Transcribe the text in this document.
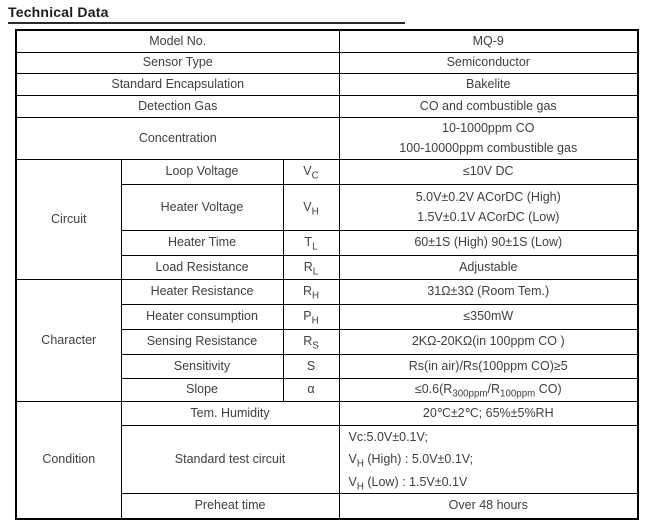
Technical Data
Model No.			MQ-9
Sensor Type			Semiconductor
Standard Encapsulation			Bakelite
Detection Gas			CO and combustible gas
Concentration			10-1000ppm CO
100-10000ppm combustible gas

Circuit	Loop Voltage	$V_C$	≤10V DC
	Heater Voltage	$V_H$	5.0V±0.2V ACorDC (High)
1.5V±0.1V ACorDC (Low)

	Heater Time	$T_L$	60±1S (High) 90±1S (Low)
	Load Resistance	$R_L$	Adjustable
Character	Heater Resistance	$R_H$	31Ω±3Ω (Room Tem.)
	Heater consumption	$P_H$	≤350mW
	Sensing Resistance	$R_S$	2KΩ-20KΩ(in 100ppm CO )
	Sensitivity	S	Rs(in air)/Rs(100ppm CO)≥5
	Slope	α	$\le 0.6(R_{300ppm}/R_{100ppm}$ CO)
Condition	Tem. Humidity		20℃±2℃; 65%±5%RH
	Standard test circuit		Vc:5.0V±0.1V;
$V_H$ (High) : 5.0V±0.1V;
$V_H$ (Low) : 1.5V±0.1V

	Preheat time		Over 48 hours
